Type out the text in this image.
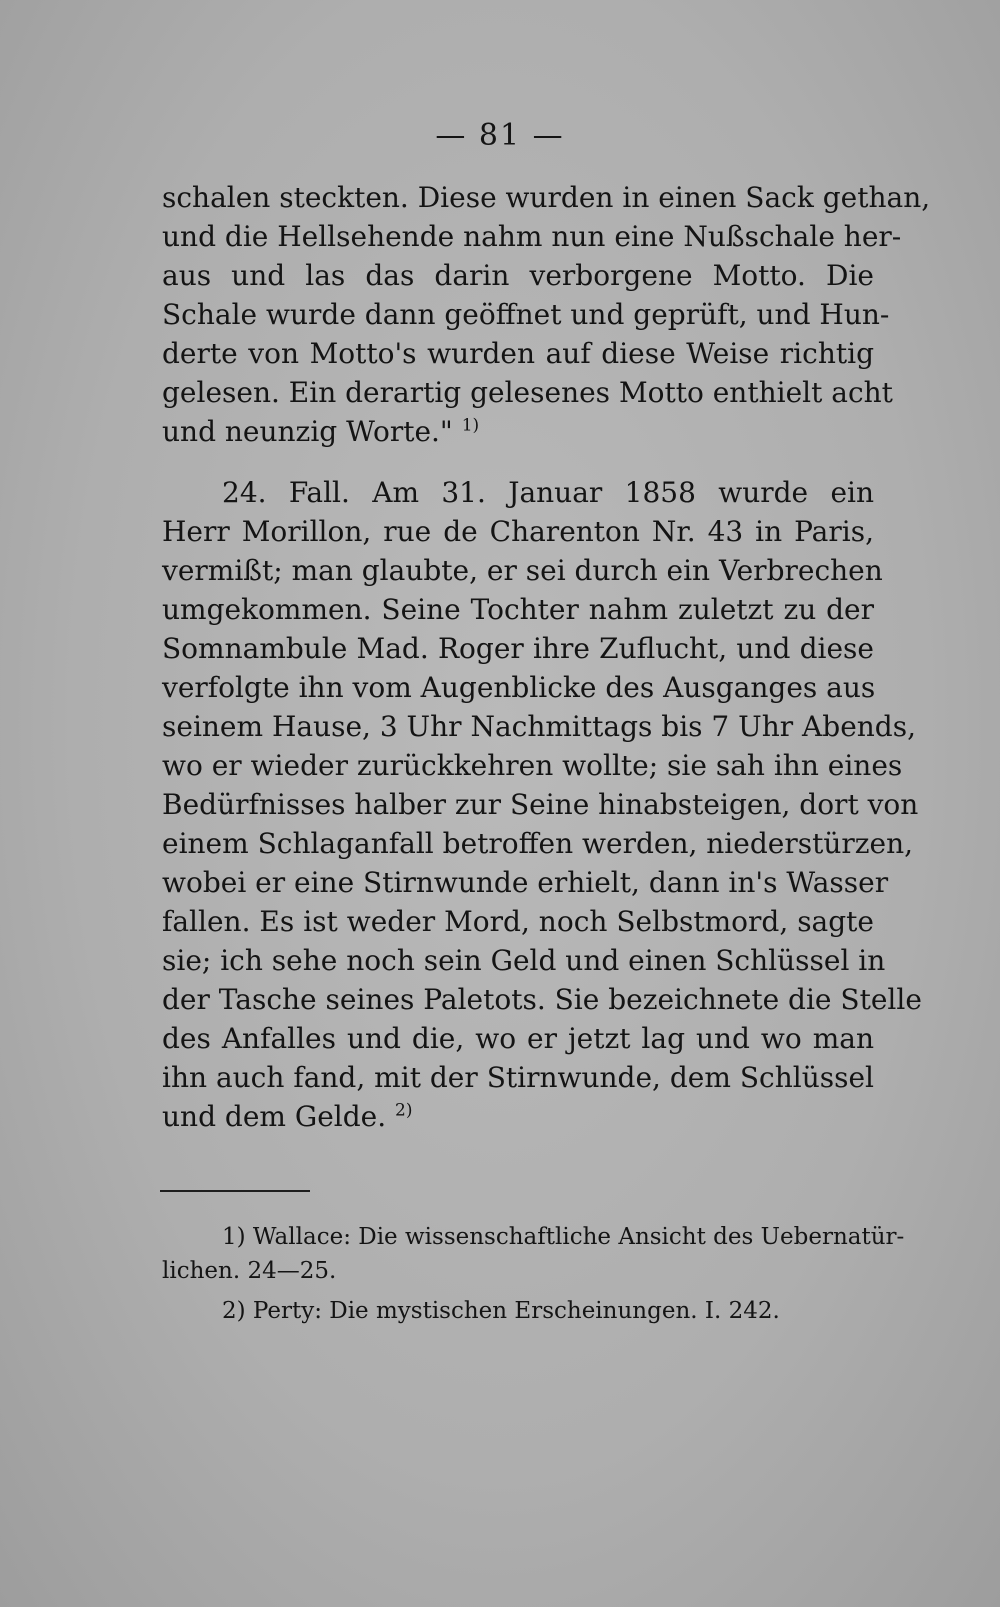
— 81 —
schalen steckten. Diese wurden in einen Sack gethan,
und die Hellsehende nahm nun eine Nußschale her-
aus und las das darin verborgene Motto. Die
Schale wurde dann geöffnet und geprüft, und Hun-
derte von Motto's wurden auf diese Weise richtig
gelesen. Ein derartig gelesenes Motto enthielt acht
und neunzig Worte." $^{1)}$
24. Fall. Am 31. Januar 1858 wurde ein
Herr Morillon, rue de Charenton Nr. 43 in Paris,
vermißt; man glaubte, er sei durch ein Verbrechen
umgekommen. Seine Tochter nahm zuletzt zu der
Somnambule Mad. Roger ihre Zuflucht, und diese
verfolgte ihn vom Augenblicke des Ausganges aus
seinem Hause, 3 Uhr Nachmittags bis 7 Uhr Abends,
wo er wieder zurückkehren wollte; sie sah ihn eines
Bedürfnisses halber zur Seine hinabsteigen, dort von
einem Schlaganfall betroffen werden, niederstürzen,
wobei er eine Stirnwunde erhielt, dann in's Wasser
fallen. Es ist weder Mord, noch Selbstmord, sagte
sie; ich sehe noch sein Geld und einen Schlüssel in
der Tasche seines Paletots. Sie bezeichnete die Stelle
des Anfalles und die, wo er jetzt lag und wo man
ihn auch fand, mit der Stirnwunde, dem Schlüssel
und dem Gelde. $^{2)}$
1) Wallace: Die wissenschaftliche Ansicht des Uebernatür-
lichen. 24—25.
2) Perty: Die mystischen Erscheinungen. I. 242.
